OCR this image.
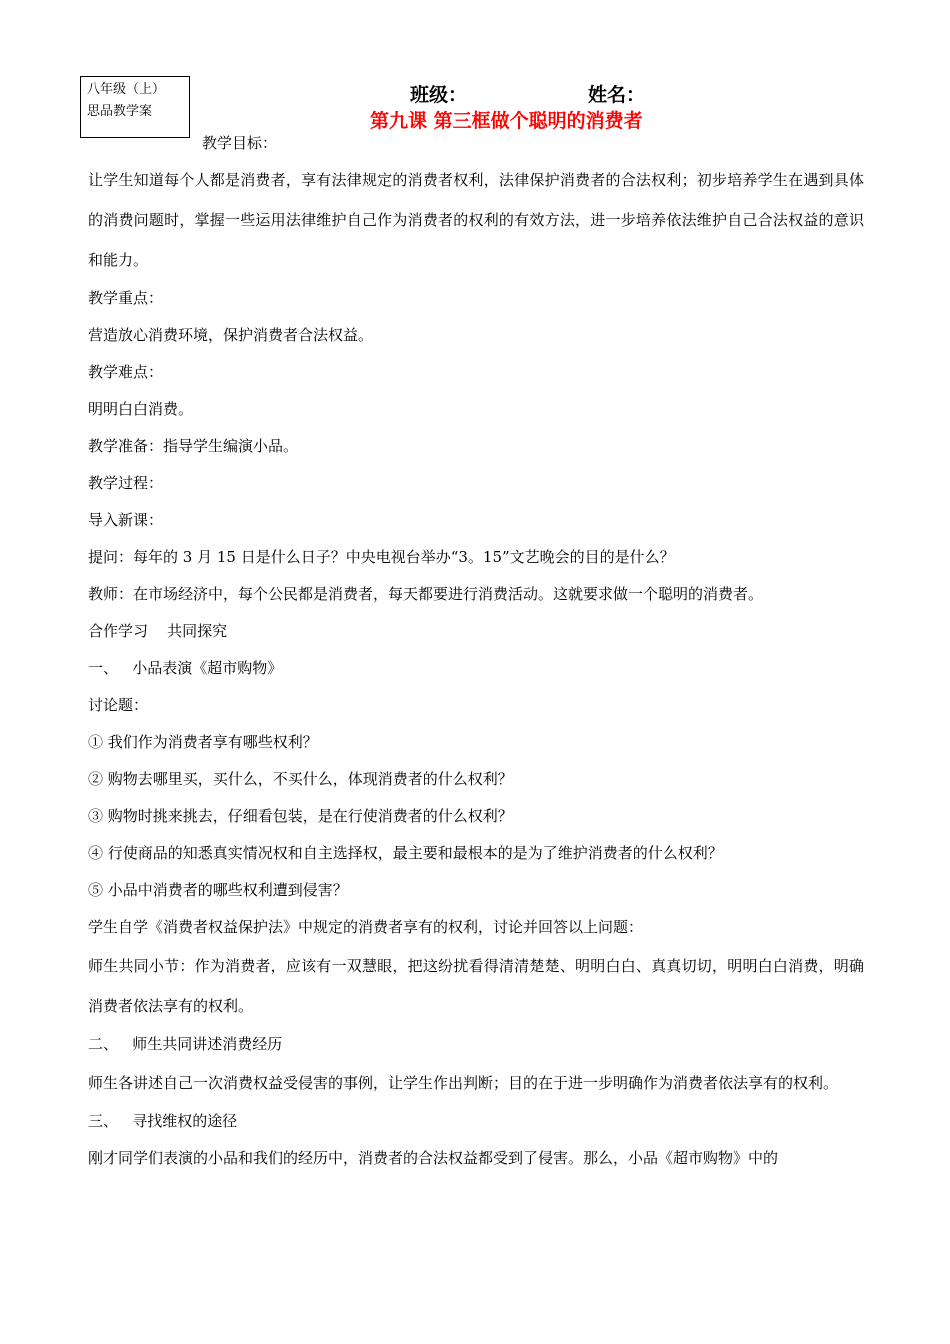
八年级（上）
思品教学案
班级：	姓名：
第九课 第三框做个聪明的消费者
教学目标：

让学生知道每个人都是消费者，享有法律规定的消费者权利，法律保护消费者的合法权利；初步培养学生在遇到具体的消费问题时，掌握一些运用法律维护自己作为消费者的权利的有效方法，进一步培养依法维护自己合法权益的意识和能力。

教学重点：

营造放心消费环境，保护消费者合法权益。

教学难点：

明明白白消费。

教学准备：指导学生编演小品。

教学过程：

导入新课：

提问：每年的 3 月 15 日是什么日子？中央电视台举办“3。15”文艺晚会的目的是什么？

教师：在市场经济中，每个公民都是消费者，每天都要进行消费活动。这就要求做一个聪明的消费者。

合作学习    共同探究

一、   小品表演《超市购物》

讨论题：

① 我们作为消费者享有哪些权利？

② 购物去哪里买，买什么，不买什么，体现消费者的什么权利？

③ 购物时挑来挑去，仔细看包装，是在行使消费者的什么权利？

④ 行使商品的知悉真实情况权和自主选择权，最主要和最根本的是为了维护消费者的什么权利？

⑤ 小品中消费者的哪些权利遭到侵害？

学生自学《消费者权益保护法》中规定的消费者享有的权利，讨论并回答以上问题：

师生共同小节：作为消费者，应该有一双慧眼，把这纷扰看得清清楚楚、明明白白、真真切切，明明白白消费，明确消费者依法享有的权利。

二、   师生共同讲述消费经历

师生各讲述自己一次消费权益受侵害的事例，让学生作出判断；目的在于进一步明确作为消费者依法享有的权利。

三、   寻找维权的途径

刚才同学们表演的小品和我们的经历中，消费者的合法权益都受到了侵害。那么，小品《超市购物》中的
